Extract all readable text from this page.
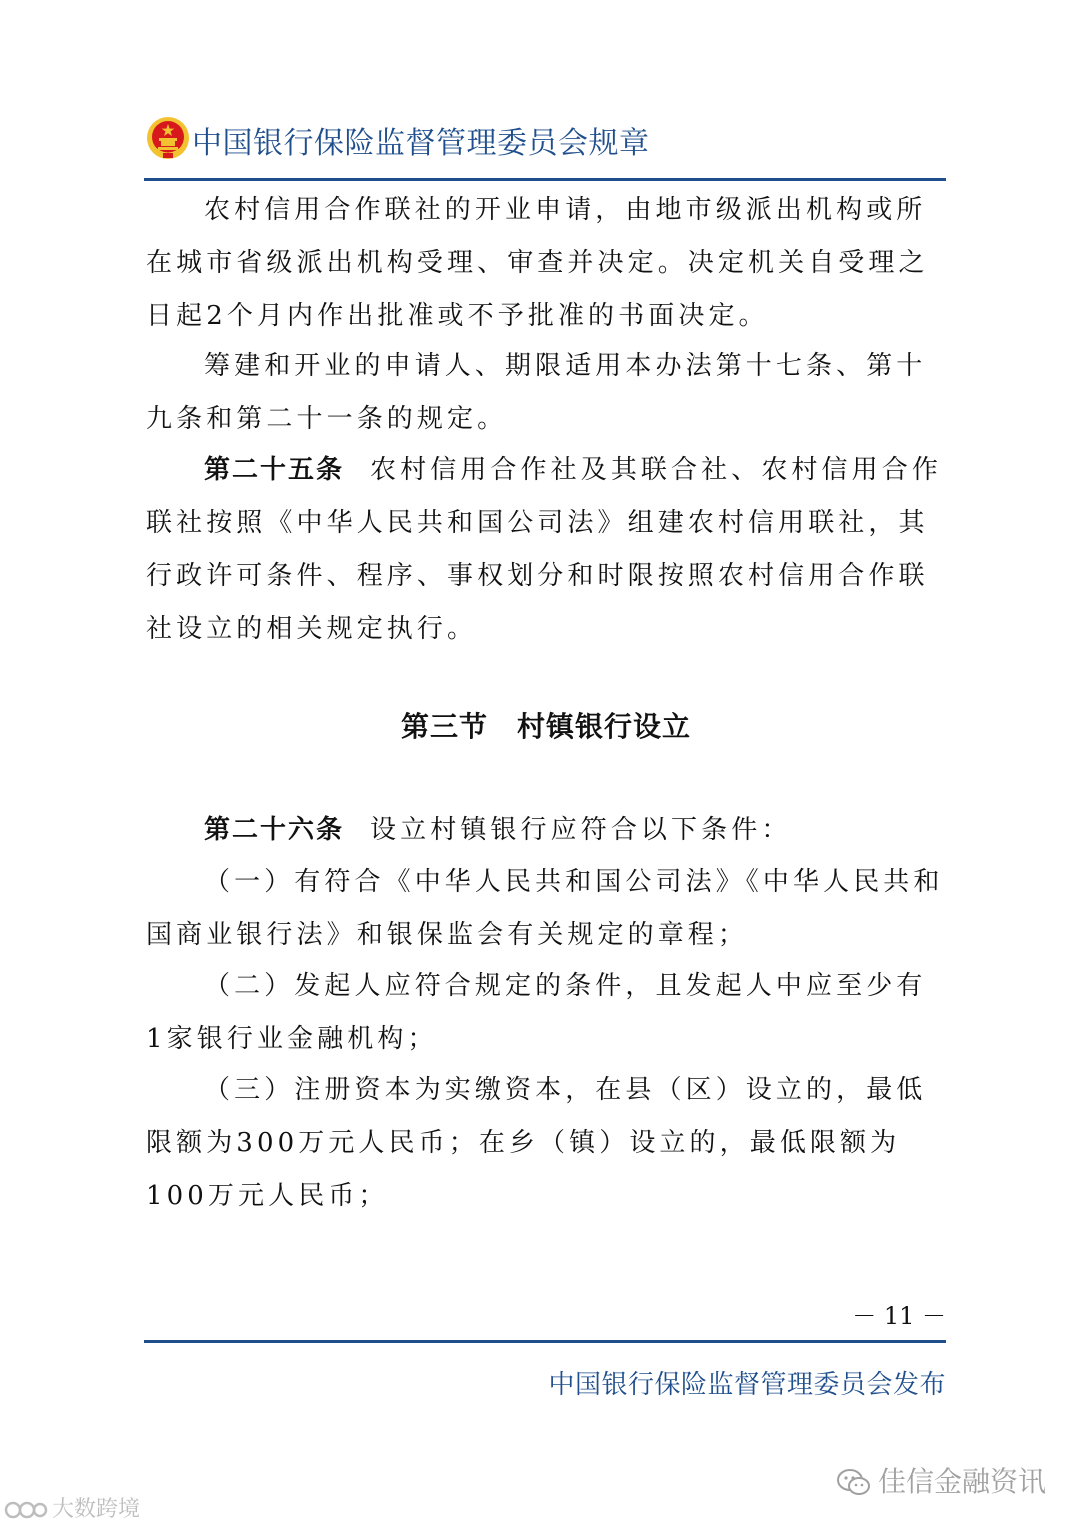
中国银行保险监督管理委员会规章

农村信用合作联社的开业申请，由地市级派出机构或所在城市省级派出机构受理、审查并决定。决定机关自受理之日起2个月内作出批准或不予批准的书面决定。

筹建和开业的申请人、期限适用本办法第十七条、第十九条和第二十一条的规定。

第二十五条 农村信用合作社及其联合社、农村信用合作联社按照《中华人民共和国公司法》组建农村信用联社，其行政许可条件、程序、事权划分和时限按照农村信用合作联社设立的相关规定执行。

第三节　村镇银行设立

第二十六条 设立村镇银行应符合以下条件：

（一）有符合《中华人民共和国公司法》《中华人民共和国商业银行法》和银保监会有关规定的章程；

（二）发起人应符合规定的条件，且发起人中应至少有1家银行业金融机构；

（三）注册资本为实缴资本，在县（区）设立的，最低限额为300万元人民币；在乡（镇）设立的，最低限额为100万元人民币；

－ 11 －
中国银行保险监督管理委员会发布
佳信金融资讯
大数跨境
